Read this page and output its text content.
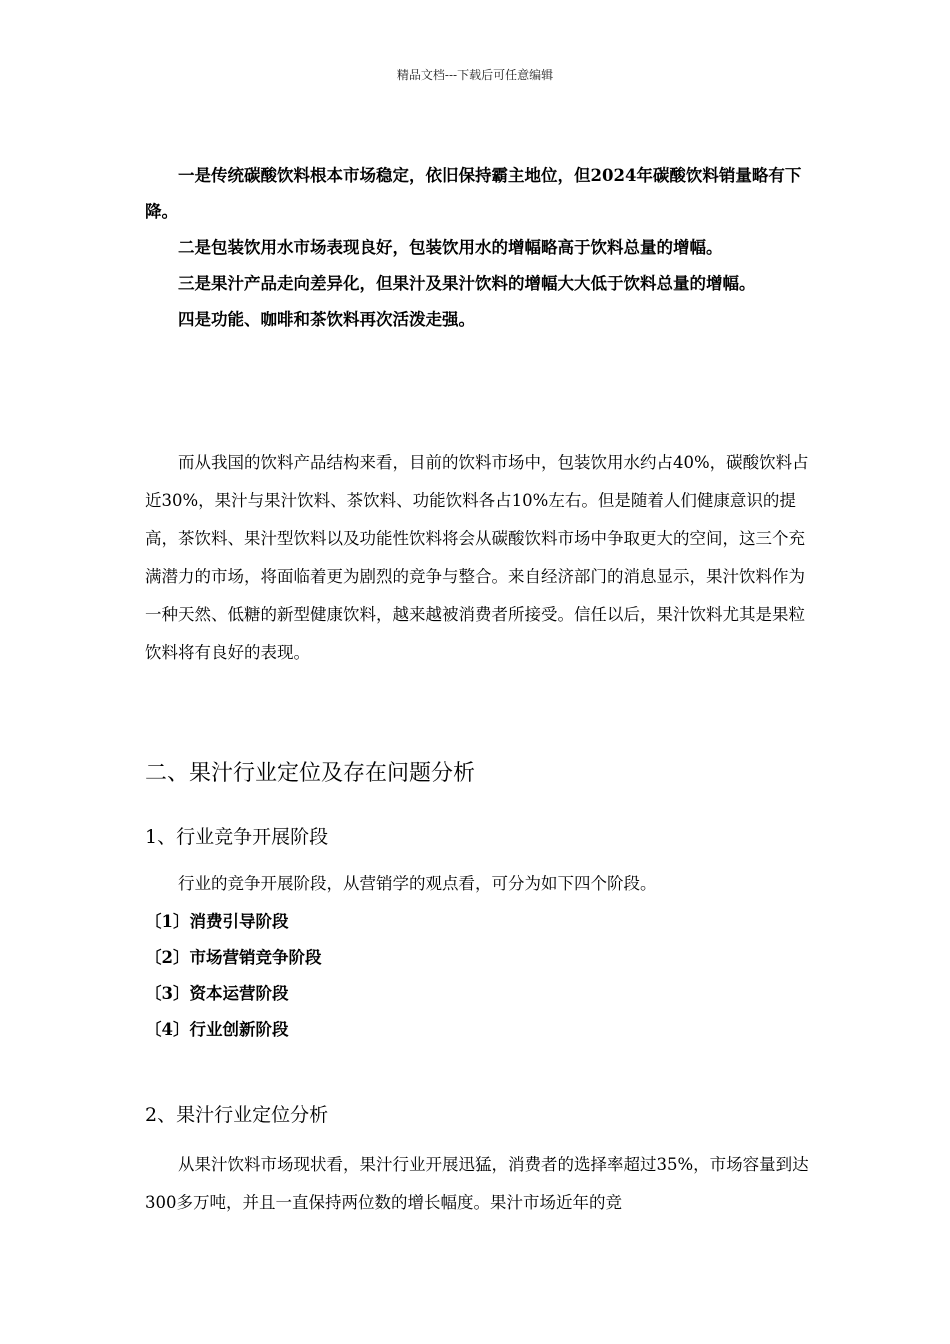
精品文档---下载后可任意编辑

一是传统碳酸饮料根本市场稳定，依旧保持霸主地位，但2024年碳酸饮料销量略有下降。

二是包装饮用水市场表现良好，包装饮用水的增幅略高于饮料总量的增幅。

三是果汁产品走向差异化，但果汁及果汁饮料的增幅大大低于饮料总量的增幅。

四是功能、咖啡和茶饮料再次活泼走强。

而从我国的饮料产品结构来看，目前的饮料市场中，包装饮用水约占40%，碳酸饮料占近30%，果汁与果汁饮料、茶饮料、功能饮料各占10%左右。但是随着人们健康意识的提高，茶饮料、果汁型饮料以及功能性饮料将会从碳酸饮料市场中争取更大的空间，这三个充满潜力的市场，将面临着更为剧烈的竞争与整合。来自经济部门的消息显示，果汁饮料作为一种天然、低糖的新型健康饮料，越来越被消费者所接受。信任以后，果汁饮料尤其是果粒饮料将有良好的表现。

二、果汁行业定位及存在问题分析
1、行业竞争开展阶段

行业的竞争开展阶段，从营销学的观点看，可分为如下四个阶段。

〔1〕消费引导阶段
〔2〕市场营销竞争阶段
〔3〕资本运营阶段
〔4〕行业创新阶段
2、果汁行业定位分析

从果汁饮料市场现状看，果汁行业开展迅猛，消费者的选择率超过35%，市场容量到达300多万吨，并且一直保持两位数的增长幅度。果汁市场近年的竞
